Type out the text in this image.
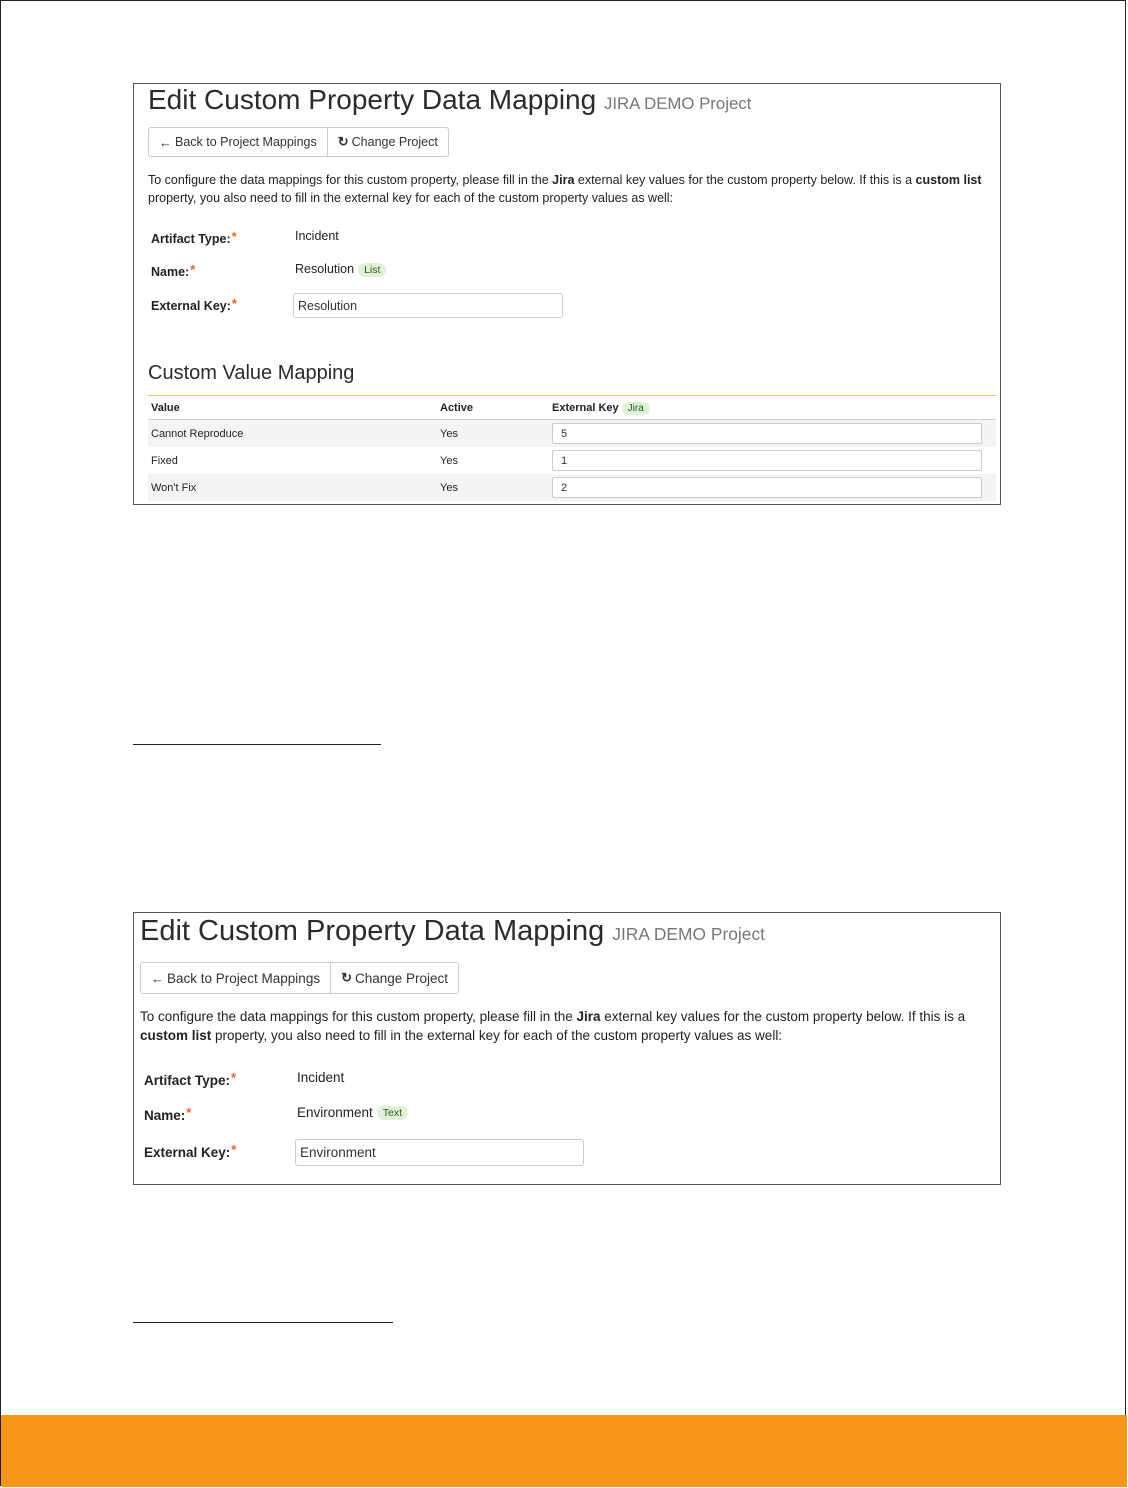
Edit Custom Property Data Mapping JIRA DEMO Project
← Back to Project Mappings ↻ Change Project
To configure the data mappings for this custom property, please fill in the Jira external key values for the custom property below. If this is a custom list property, you also need to fill in the external key for each of the custom property values as well:
Artifact Type:*	Incident
Name:*	Resolution List
External Key:*
Resolution
Custom Value Mapping
Value	Active	External Key Jira
Cannot Reproduce	Yes	5
Fixed	Yes	1
Won't Fix	Yes	2
Edit Custom Property Data Mapping JIRA DEMO Project
← Back to Project Mappings ↻ Change Project
To configure the data mappings for this custom property, please fill in the Jira external key values for the custom property below. If this is a custom list property, you also need to fill in the external key for each of the custom property values as well:
Artifact Type:*	Incident
Name:*	Environment Text
External Key:*
Environment
